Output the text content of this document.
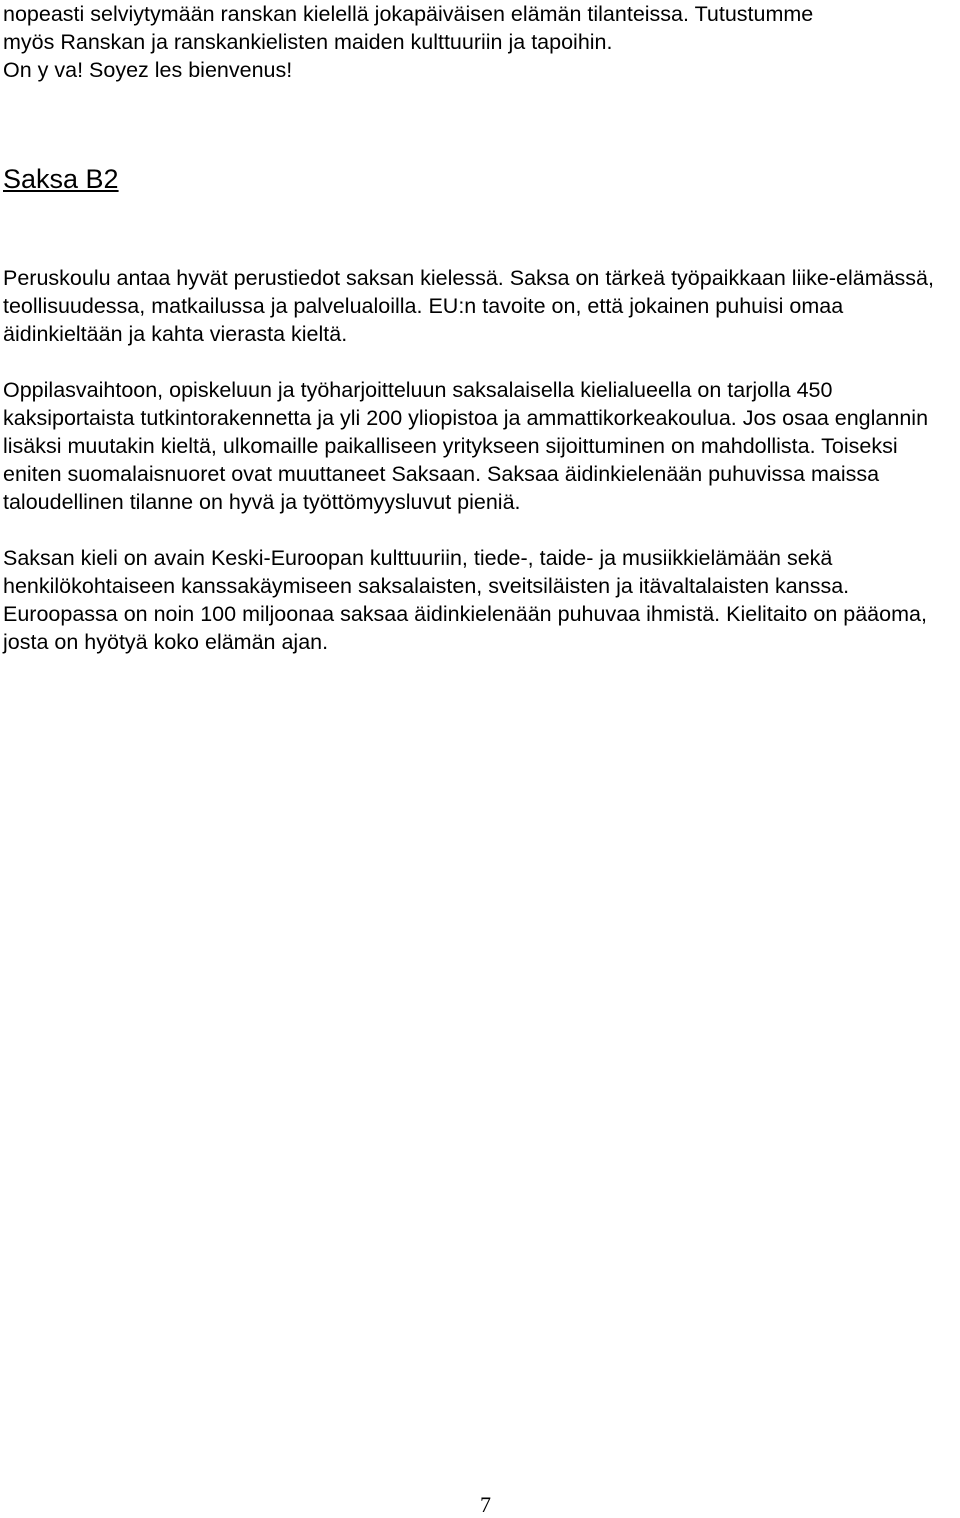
nopeasti selviytymään ranskan kielellä jokapäiväisen elämän tilanteissa. Tutustumme
myös Ranskan ja ranskankielisten maiden kulttuuriin ja tapoihin.
On y va! Soyez les bienvenus!
Saksa B2

Peruskoulu antaa hyvät perustiedot saksan kielessä. Saksa on tärkeä työpaikkaan liike-elämässä, teollisuudessa, matkailussa ja palvelualoilla. EU:n tavoite on, että jokainen puhuisi omaa äidinkieltään ja kahta vierasta kieltä.

Oppilasvaihtoon, opiskeluun ja työharjoitteluun saksalaisella kielialueella on tarjolla 450 kaksiportaista tutkintorakennetta ja yli 200 yliopistoa ja ammattikorkeakoulua. Jos osaa englannin lisäksi muutakin kieltä, ulkomaille paikalliseen yritykseen sijoittuminen on mahdollista. Toiseksi eniten suomalaisnuoret ovat muuttaneet Saksaan. Saksaa äidinkielenään puhuvissa maissa taloudellinen tilanne on hyvä ja työttömyysluvut pieniä.

Saksan kieli on avain Keski-Euroopan kulttuuriin, tiede-, taide- ja musiikkielämään sekä henkilökohtaiseen kanssakäymiseen saksalaisten, sveitsiläisten ja itävaltalaisten kanssa. Euroopassa on noin 100 miljoonaa saksaa äidinkielenään puhuvaa ihmistä. Kielitaito on pääoma, josta on hyötyä koko elämän ajan.

7
